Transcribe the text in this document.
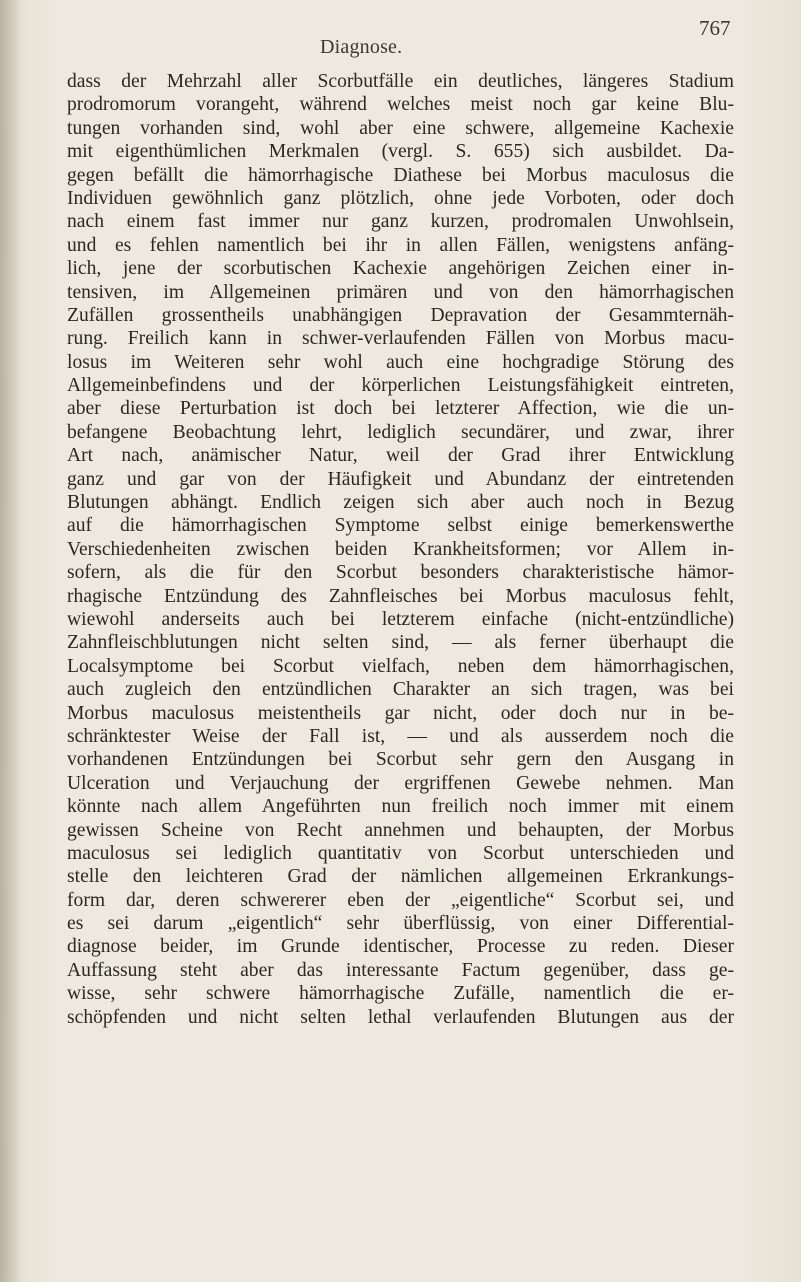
Diagnose.
767
dass der Mehrzahl aller Scorbutfälle ein deutliches, längeres Stadium
prodromorum vorangeht, während welches meist noch gar keine Blu-
tungen vorhanden sind, wohl aber eine schwere, allgemeine Kachexie
mit eigenthümlichen Merkmalen (vergl. S. 655) sich ausbildet. Da-
gegen befällt die hämorrhagische Diathese bei Morbus maculosus die
Individuen gewöhnlich ganz plötzlich, ohne jede Vorboten, oder doch
nach einem fast immer nur ganz kurzen, prodromalen Unwohlsein,
und es fehlen namentlich bei ihr in allen Fällen, wenigstens anfäng-
lich, jene der scorbutischen Kachexie angehörigen Zeichen einer in-
tensiven, im Allgemeinen primären und von den hämorrhagischen
Zufällen grossentheils unabhängigen Depravation der Gesammternäh-
rung. Freilich kann in schwer-verlaufenden Fällen von Morbus macu-
losus im Weiteren sehr wohl auch eine hochgradige Störung des
Allgemeinbefindens und der körperlichen Leistungsfähigkeit eintreten,
aber diese Perturbation ist doch bei letzterer Affection, wie die un-
befangene Beobachtung lehrt, lediglich secundärer, und zwar, ihrer
Art nach, anämischer Natur, weil der Grad ihrer Entwicklung
ganz und gar von der Häufigkeit und Abundanz der eintretenden
Blutungen abhängt. Endlich zeigen sich aber auch noch in Bezug
auf die hämorrhagischen Symptome selbst einige bemerkenswerthe
Verschiedenheiten zwischen beiden Krankheitsformen; vor Allem in-
sofern, als die für den Scorbut besonders charakteristische hämor-
rhagische Entzündung des Zahnfleisches bei Morbus maculosus fehlt,
wiewohl anderseits auch bei letzterem einfache (nicht-entzündliche)
Zahnfleischblutungen nicht selten sind, — als ferner überhaupt die
Localsymptome bei Scorbut vielfach, neben dem hämorrhagischen,
auch zugleich den entzündlichen Charakter an sich tragen, was bei
Morbus maculosus meistentheils gar nicht, oder doch nur in be-
schränktester Weise der Fall ist, — und als ausserdem noch die
vorhandenen Entzündungen bei Scorbut sehr gern den Ausgang in
Ulceration und Verjauchung der ergriffenen Gewebe nehmen. Man
könnte nach allem Angeführten nun freilich noch immer mit einem
gewissen Scheine von Recht annehmen und behaupten, der Morbus
maculosus sei lediglich quantitativ von Scorbut unterschieden und
stelle den leichteren Grad der nämlichen allgemeinen Erkrankungs-
form dar, deren schwererer eben der „eigentliche“ Scorbut sei, und
es sei darum „eigentlich“ sehr überflüssig, von einer Differential-
diagnose beider, im Grunde identischer, Processe zu reden. Dieser
Auffassung steht aber das interessante Factum gegenüber, dass ge-
wisse, sehr schwere hämorrhagische Zufälle, namentlich die er-
schöpfenden und nicht selten lethal verlaufenden Blutungen aus der
